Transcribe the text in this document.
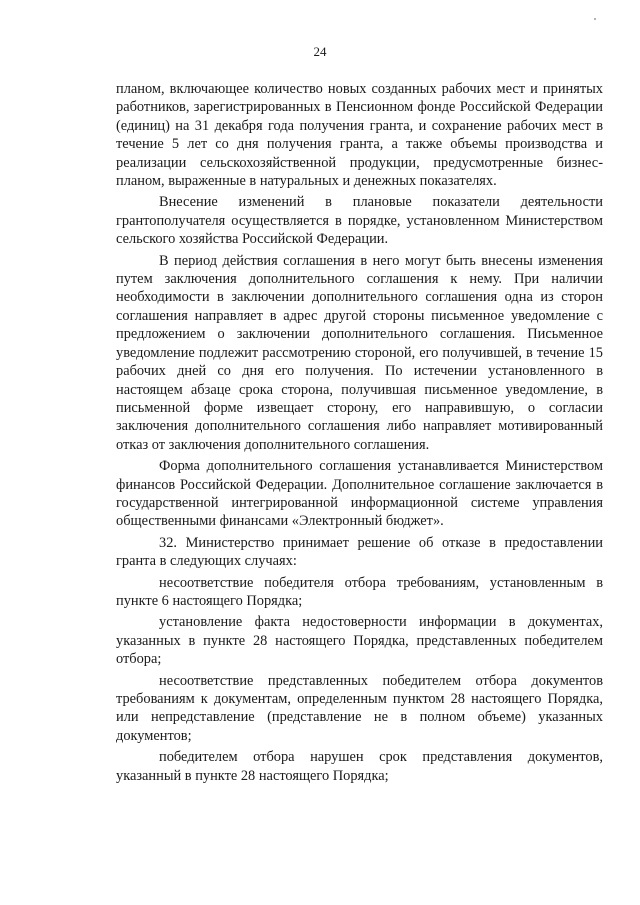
24

планом, включающее количество новых созданных рабочих мест и принятых работников, зарегистрированных в Пенсионном фонде Российской Федерации (единиц) на 31 декабря года получения гранта, и сохранение рабочих мест в течение 5 лет со дня получения гранта, а также объемы производства и реализации сельскохозяйственной продукции, предусмотренные бизнес-планом, выраженные в натуральных и денежных показателях.

Внесение изменений в плановые показатели деятельности грантополучателя осуществляется в порядке, установленном Министерством сельского хозяйства Российской Федерации.

В период действия соглашения в него могут быть внесены изменения путем заключения дополнительного соглашения к нему. При наличии необходимости в заключении дополнительного соглашения одна из сторон соглашения направляет в адрес другой стороны письменное уведомление с предложением о заключении дополнительного соглашения. Письменное уведомление подлежит рассмотрению стороной, его получившей, в течение 15 рабочих дней со дня его получения. По истечении установленного в настоящем абзаце срока сторона, получившая письменное уведомление, в письменной форме извещает сторону, его направившую, о согласии заключения дополнительного соглашения либо направляет мотивированный отказ от заключения дополнительного соглашения.

Форма дополнительного соглашения устанавливается Министерством финансов Российской Федерации. Дополнительное соглашение заключается в государственной интегрированной информационной системе управления общественными финансами «Электронный бюджет».

32. Министерство принимает решение об отказе в предоставлении гранта в следующих случаях:

несоответствие победителя отбора требованиям, установленным в пункте 6 настоящего Порядка;

установление факта недостоверности информации в документах, указанных в пункте 28 настоящего Порядка, представленных победителем отбора;

несоответствие представленных победителем отбора документов требованиям к документам, определенным пунктом 28 настоящего Порядка, или непредставление (представление не в полном объеме) указанных документов;

победителем отбора нарушен срок представления документов, указанный в пункте 28 настоящего Порядка;
